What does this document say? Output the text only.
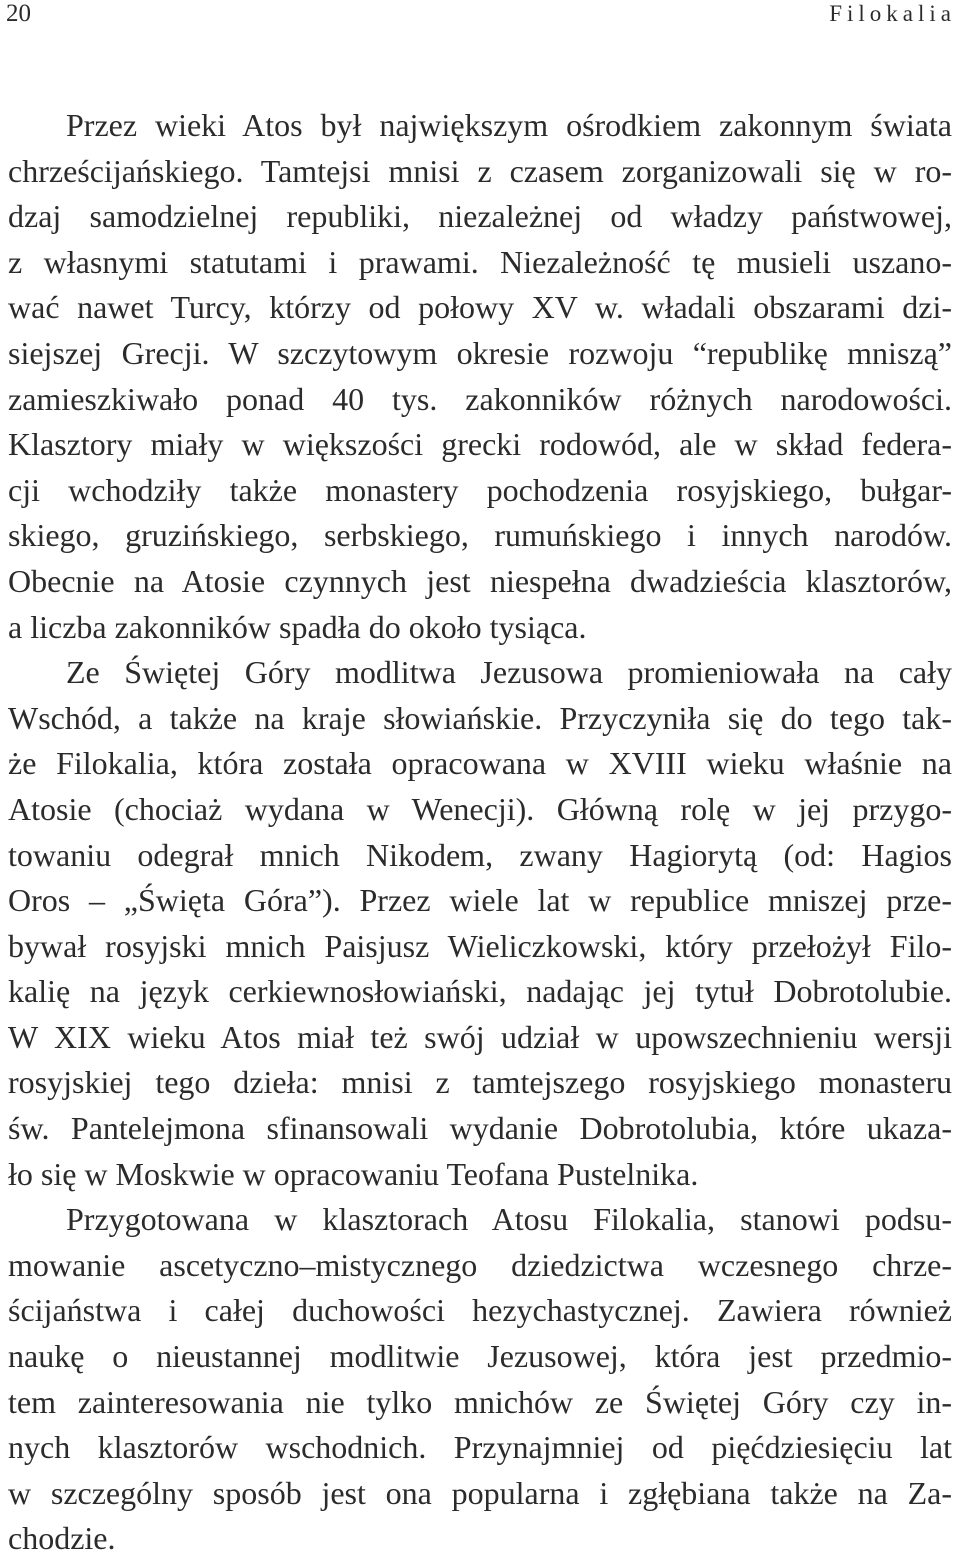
20	Filokalia
Przez wieki Atos był największym ośrodkiem zakonnym świata
chrześcijańskiego. Tamtejsi mnisi z czasem zorganizowali się w ro-
dzaj samodzielnej republiki, niezależnej od władzy państwowej,
z własnymi statutami i prawami. Niezależność tę musieli uszano-
wać nawet Turcy, którzy od połowy XV w. władali obszarami dzi-
siejszej Grecji. W szczytowym okresie rozwoju “republikę mniszą”
zamieszkiwało ponad 40 tys. zakonników różnych narodowości.
Klasztory miały w większości grecki rodowód, ale w skład federa-
cji wchodziły także monastery pochodzenia rosyjskiego, bułgar-
skiego, gruzińskiego, serbskiego, rumuńskiego i innych narodów.
Obecnie na Atosie czynnych jest niespełna dwadzieścia klasztorów,
a liczba zakonników spadła do około tysiąca.
Ze Świętej Góry modlitwa Jezusowa promieniowała na cały
Wschód, a także na kraje słowiańskie. Przyczyniła się do tego tak-
że Filokalia, która została opracowana w XVIII wieku właśnie na
Atosie (chociaż wydana w Wenecji). Główną rolę w jej przygo-
towaniu odegrał mnich Nikodem, zwany Hagiorytą (od: Hagios
Oros – „Święta Góra”). Przez wiele lat w republice mniszej prze-
bywał rosyjski mnich Paisjusz Wieliczkowski, który przełożył Filo-
kalię na język cerkiewnosłowiański, nadając jej tytuł Dobrotolubie.
W XIX wieku Atos miał też swój udział w upowszechnieniu wersji
rosyjskiej tego dzieła: mnisi z tamtejszego rosyjskiego monasteru
św. Pantelejmona sfinansowali wydanie Dobrotolubia, które ukaza-
ło się w Moskwie w opracowaniu Teofana Pustelnika.
Przygotowana w klasztorach Atosu Filokalia, stanowi podsu-
mowanie ascetyczno–mistycznego dziedzictwa wczesnego chrze-
ścijaństwa i całej duchowości hezychastycznej. Zawiera również
naukę o nieustannej modlitwie Jezusowej, która jest przedmio-
tem zainteresowania nie tylko mnichów ze Świętej Góry czy in-
nych klasztorów wschodnich. Przynajmniej od pięćdziesięciu lat
w szczególny sposób jest ona popularna i zgłębiana także na Za-
chodzie.
